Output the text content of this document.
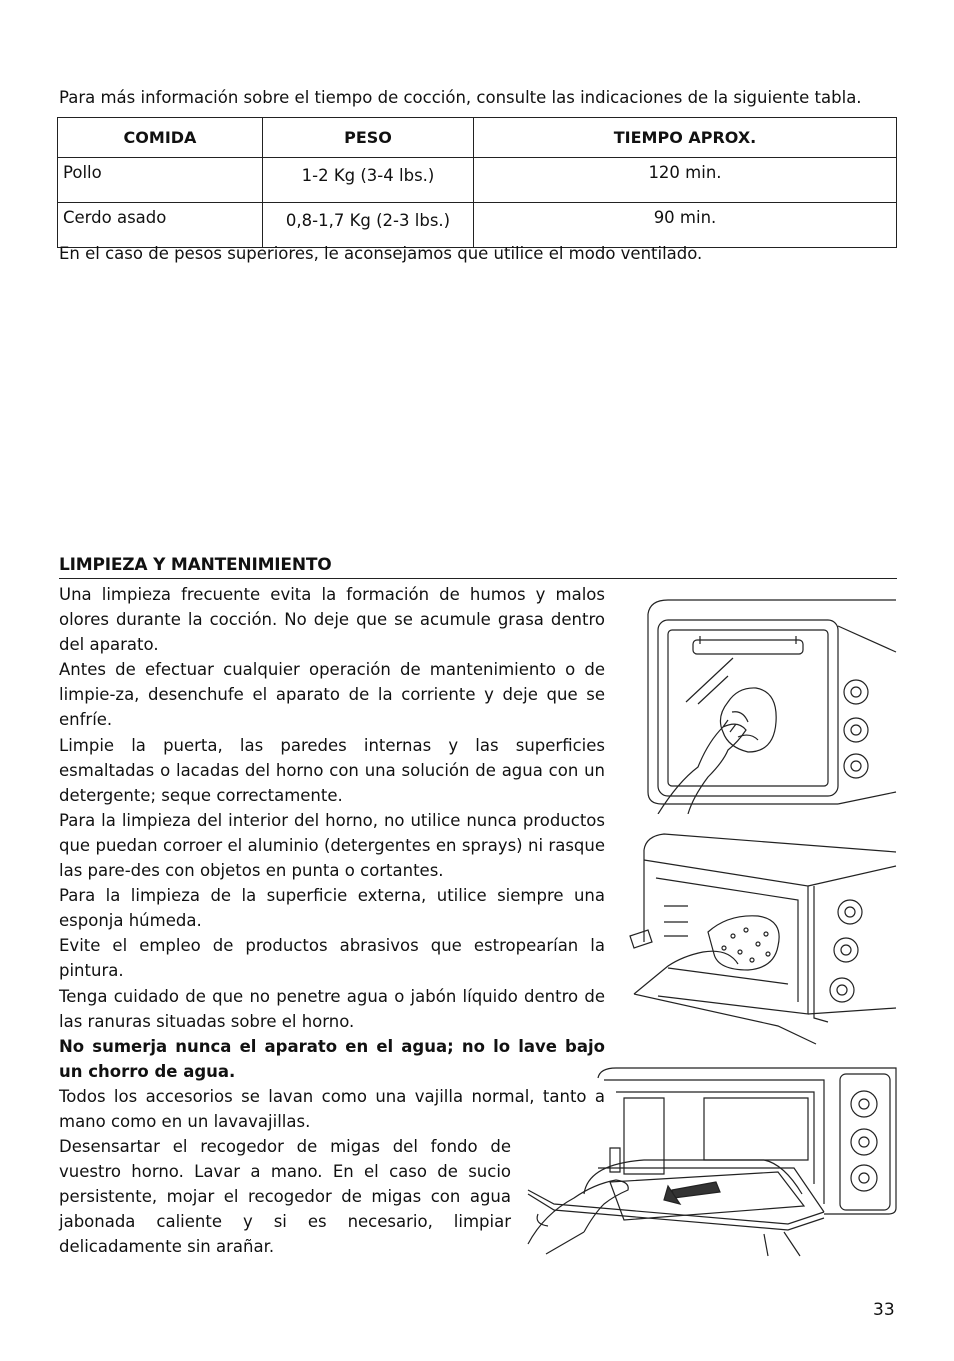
Para más información sobre el tiempo de cocción, consulte las indicaciones de la siguiente tabla.
COMIDA	PESO	TIEMPO APROX.
Pollo	1-2 Kg (3-4 lbs.)	120 min.
Cerdo asado	0,8-1,7 Kg (2-3 lbs.)	90 min.
En el caso de pesos superiores, le aconsejamos que utilice el modo ventilado.
LIMPIEZA Y MANTENIMIENTO

Una limpieza frecuente evita la formación de humos y malos olores durante la cocción. No deje que se acumule grasa dentro del aparato.

Antes de efectuar cualquier operación de mantenimiento o de limpie-za, desenchufe el aparato de la corriente y deje que se enfríe.

Limpie la puerta, las paredes internas y las superficies esmaltadas o lacadas del horno con una solución de agua con un detergente; seque correctamente.

Para la limpieza del interior del horno, no utilice nunca productos que puedan corroer el aluminio (detergentes en sprays) ni rasque las pare-des con objetos en punta o cortantes.

Para la limpieza de la superficie externa, utilice siempre una esponja húmeda.

Evite el empleo de productos abrasivos que estropearían la pintura.

Tenga cuidado de que no penetre agua o jabón líquido dentro de las ranuras situadas sobre el horno.

No sumerja nunca el aparato en el agua; no lo lave bajo un chorro de agua.

Todos los accesorios se lavan como una vajilla normal, tanto a mano como en un lavavajillas.

Desensartar el recogedor de migas del fondo de vuestro horno. Lavar a mano. En el caso de sucio persistente, mojar el recogedor de migas con agua jabonada caliente y si es necesario, limpiar delicadamente sin arañar.

33
